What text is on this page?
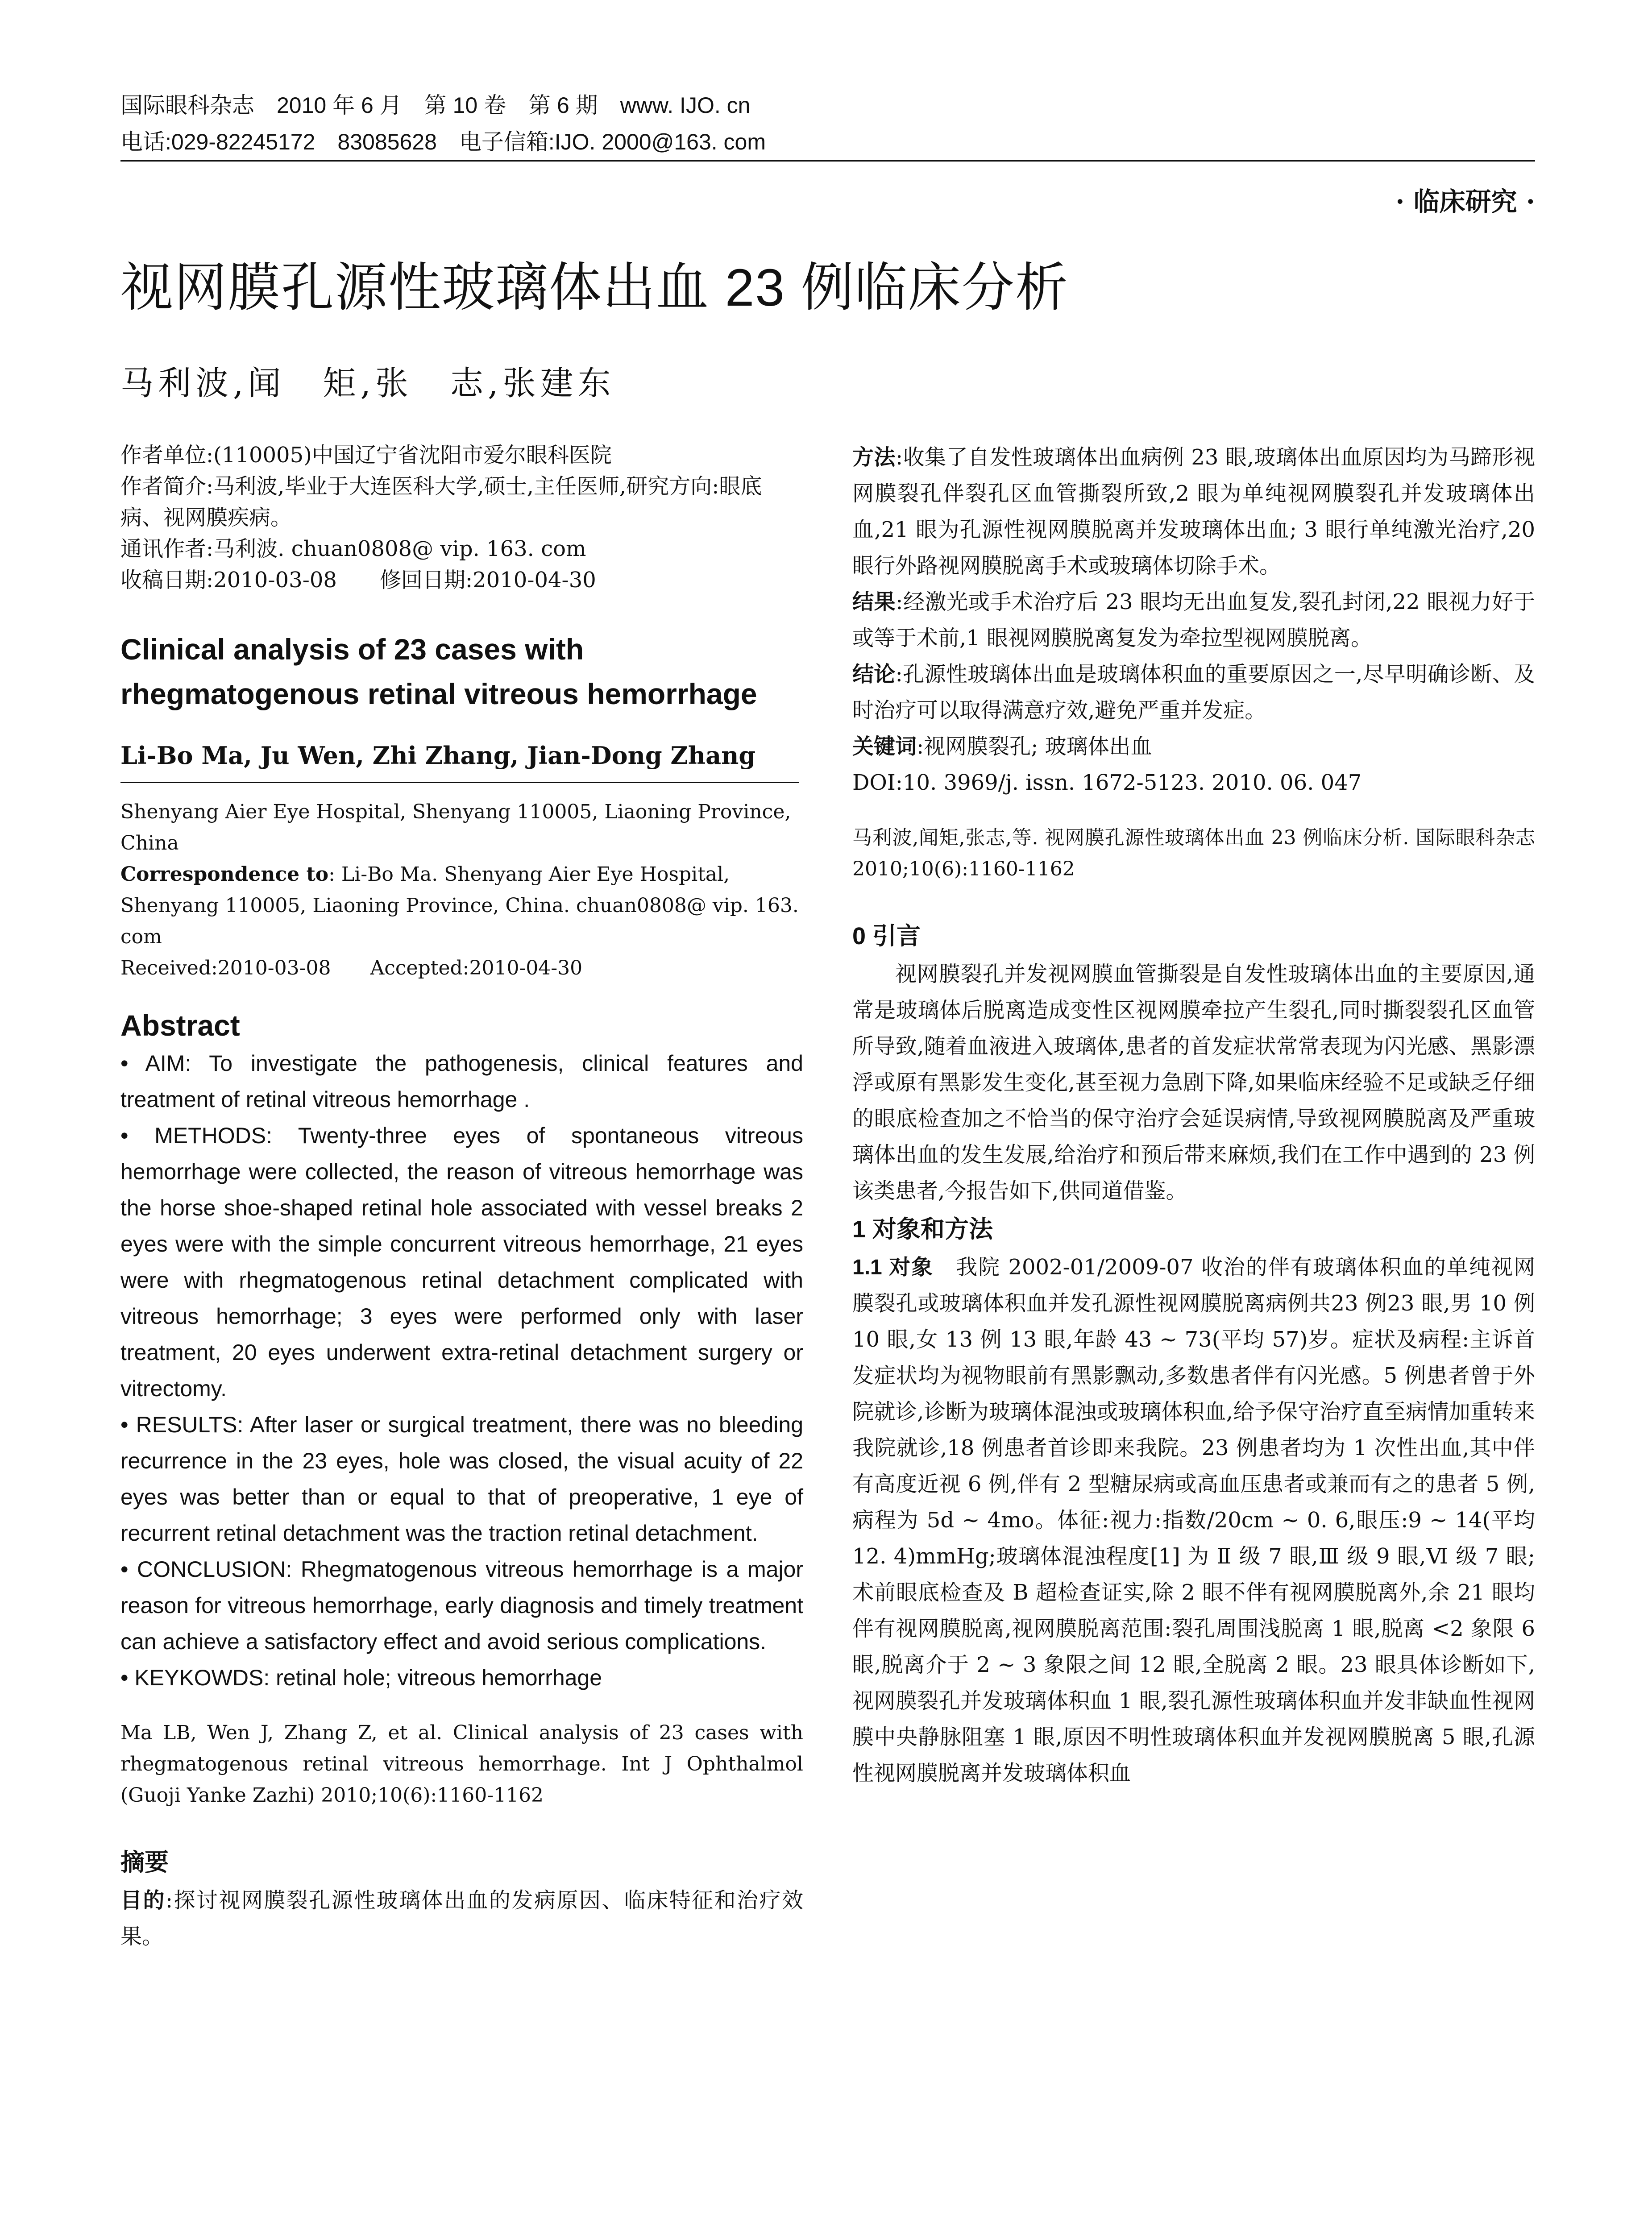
国际眼科杂志　2010 年 6 月　第 10 卷　第 6 期　www. IJO. cn
电话:029-82245172　83085628　电子信箱:IJO. 2000@163. com
· 临床研究 ·
视网膜孔源性玻璃体出血 23 例临床分析
马利波,闻　矩,张　志,张建东

作者单位:(110005)中国辽宁省沈阳市爱尔眼科医院

作者简介:马利波,毕业于大连医科大学,硕士,主任医师,研究方向:眼底病、视网膜疾病。

通讯作者:马利波. chuan0808@ vip. 163. com

收稿日期:2010-03-08　　修回日期:2010-04-30

Clinical analysis of 23 cases with rhegmatogenous retinal vitreous hemorrhage

Li-Bo Ma, Ju Wen, Zhi Zhang, Jian-Dong Zhang

Shenyang Aier Eye Hospital, Shenyang 110005, Liaoning Province, China

Correspondence to: Li-Bo Ma. Shenyang Aier Eye Hospital, Shenyang 110005, Liaoning Province, China. chuan0808@ vip. 163. com

Received:2010-03-08　　Accepted:2010-04-30

Abstract

• AIM: To investigate the pathogenesis, clinical features and treatment of retinal vitreous hemorrhage .

• METHODS: Twenty-three eyes of spontaneous vitreous hemorrhage were collected, the reason of vitreous hemorrhage was the horse shoe-shaped retinal hole associated with vessel breaks 2 eyes were with the simple concurrent vitreous hemorrhage, 21 eyes were with rhegmatogenous retinal detachment complicated with vitreous hemorrhage; 3 eyes were performed only with laser treatment, 20 eyes underwent extra-retinal detachment surgery or vitrectomy.

• RESULTS: After laser or surgical treatment, there was no bleeding recurrence in the 23 eyes, hole was closed, the visual acuity of 22 eyes was better than or equal to that of preoperative, 1 eye of recurrent retinal detachment was the traction retinal detachment.

• CONCLUSION: Rhegmatogenous vitreous hemorrhage is a major reason for vitreous hemorrhage, early diagnosis and timely treatment can achieve a satisfactory effect and avoid serious complications.

• KEYKOWDS: retinal hole; vitreous hemorrhage

Ma LB, Wen J, Zhang Z, et al. Clinical analysis of 23 cases with rhegmatogenous retinal vitreous hemorrhage. Int J Ophthalmol (Guoji Yanke Zazhi) 2010;10(6):1160-1162

摘要

目的:探讨视网膜裂孔源性玻璃体出血的发病原因、临床特征和治疗效果。

方法:收集了自发性玻璃体出血病例 23 眼,玻璃体出血原因均为马蹄形视网膜裂孔伴裂孔区血管撕裂所致,2 眼为单纯视网膜裂孔并发玻璃体出血,21 眼为孔源性视网膜脱离并发玻璃体出血; 3 眼行单纯激光治疗,20 眼行外路视网膜脱离手术或玻璃体切除手术。

结果:经激光或手术治疗后 23 眼均无出血复发,裂孔封闭,22 眼视力好于或等于术前,1 眼视网膜脱离复发为牵拉型视网膜脱离。

结论:孔源性玻璃体出血是玻璃体积血的重要原因之一,尽早明确诊断、及时治疗可以取得满意疗效,避免严重并发症。

关键词:视网膜裂孔; 玻璃体出血

DOI:10. 3969/j. issn. 1672-5123. 2010. 06. 047

马利波,闻矩,张志,等. 视网膜孔源性玻璃体出血 23 例临床分析. 国际眼科杂志 2010;10(6):1160-1162

0 引言

视网膜裂孔并发视网膜血管撕裂是自发性玻璃体出血的主要原因,通常是玻璃体后脱离造成变性区视网膜牵拉产生裂孔,同时撕裂裂孔区血管所导致,随着血液进入玻璃体,患者的首发症状常常表现为闪光感、黑影漂浮或原有黑影发生变化,甚至视力急剧下降,如果临床经验不足或缺乏仔细的眼底检查加之不恰当的保守治疗会延误病情,导致视网膜脱离及严重玻璃体出血的发生发展,给治疗和预后带来麻烦,我们在工作中遇到的 23 例该类患者,今报告如下,供同道借鉴。

1 对象和方法

1.1 对象　我院 2002-01/2009-07 收治的伴有玻璃体积血的单纯视网膜裂孔或玻璃体积血并发孔源性视网膜脱离病例共23 例23 眼,男 10 例 10 眼,女 13 例 13 眼,年龄 43 ~ 73(平均 57)岁。症状及病程:主诉首发症状均为视物眼前有黑影飘动,多数患者伴有闪光感。5 例患者曾于外院就诊,诊断为玻璃体混浊或玻璃体积血,给予保守治疗直至病情加重转来我院就诊,18 例患者首诊即来我院。23 例患者均为 1 次性出血,其中伴有高度近视 6 例,伴有 2 型糖尿病或高血压患者或兼而有之的患者 5 例,病程为 5d ~ 4mo。体征:视力:指数/20cm ~ 0. 6,眼压:9 ~ 14(平均 12. 4)mmHg;玻璃体混浊程度[1] 为 Ⅱ 级 7 眼,Ⅲ 级 9 眼,Ⅵ 级 7 眼;术前眼底检查及 B 超检查证实,除 2 眼不伴有视网膜脱离外,余 21 眼均伴有视网膜脱离,视网膜脱离范围:裂孔周围浅脱离 1 眼,脱离 <2 象限 6 眼,脱离介于 2 ~ 3 象限之间 12 眼,全脱离 2 眼。23 眼具体诊断如下,视网膜裂孔并发玻璃体积血 1 眼,裂孔源性玻璃体积血并发非缺血性视网膜中央静脉阻塞 1 眼,原因不明性玻璃体积血并发视网膜脱离 5 眼,孔源性视网膜脱离并发玻璃体积血
